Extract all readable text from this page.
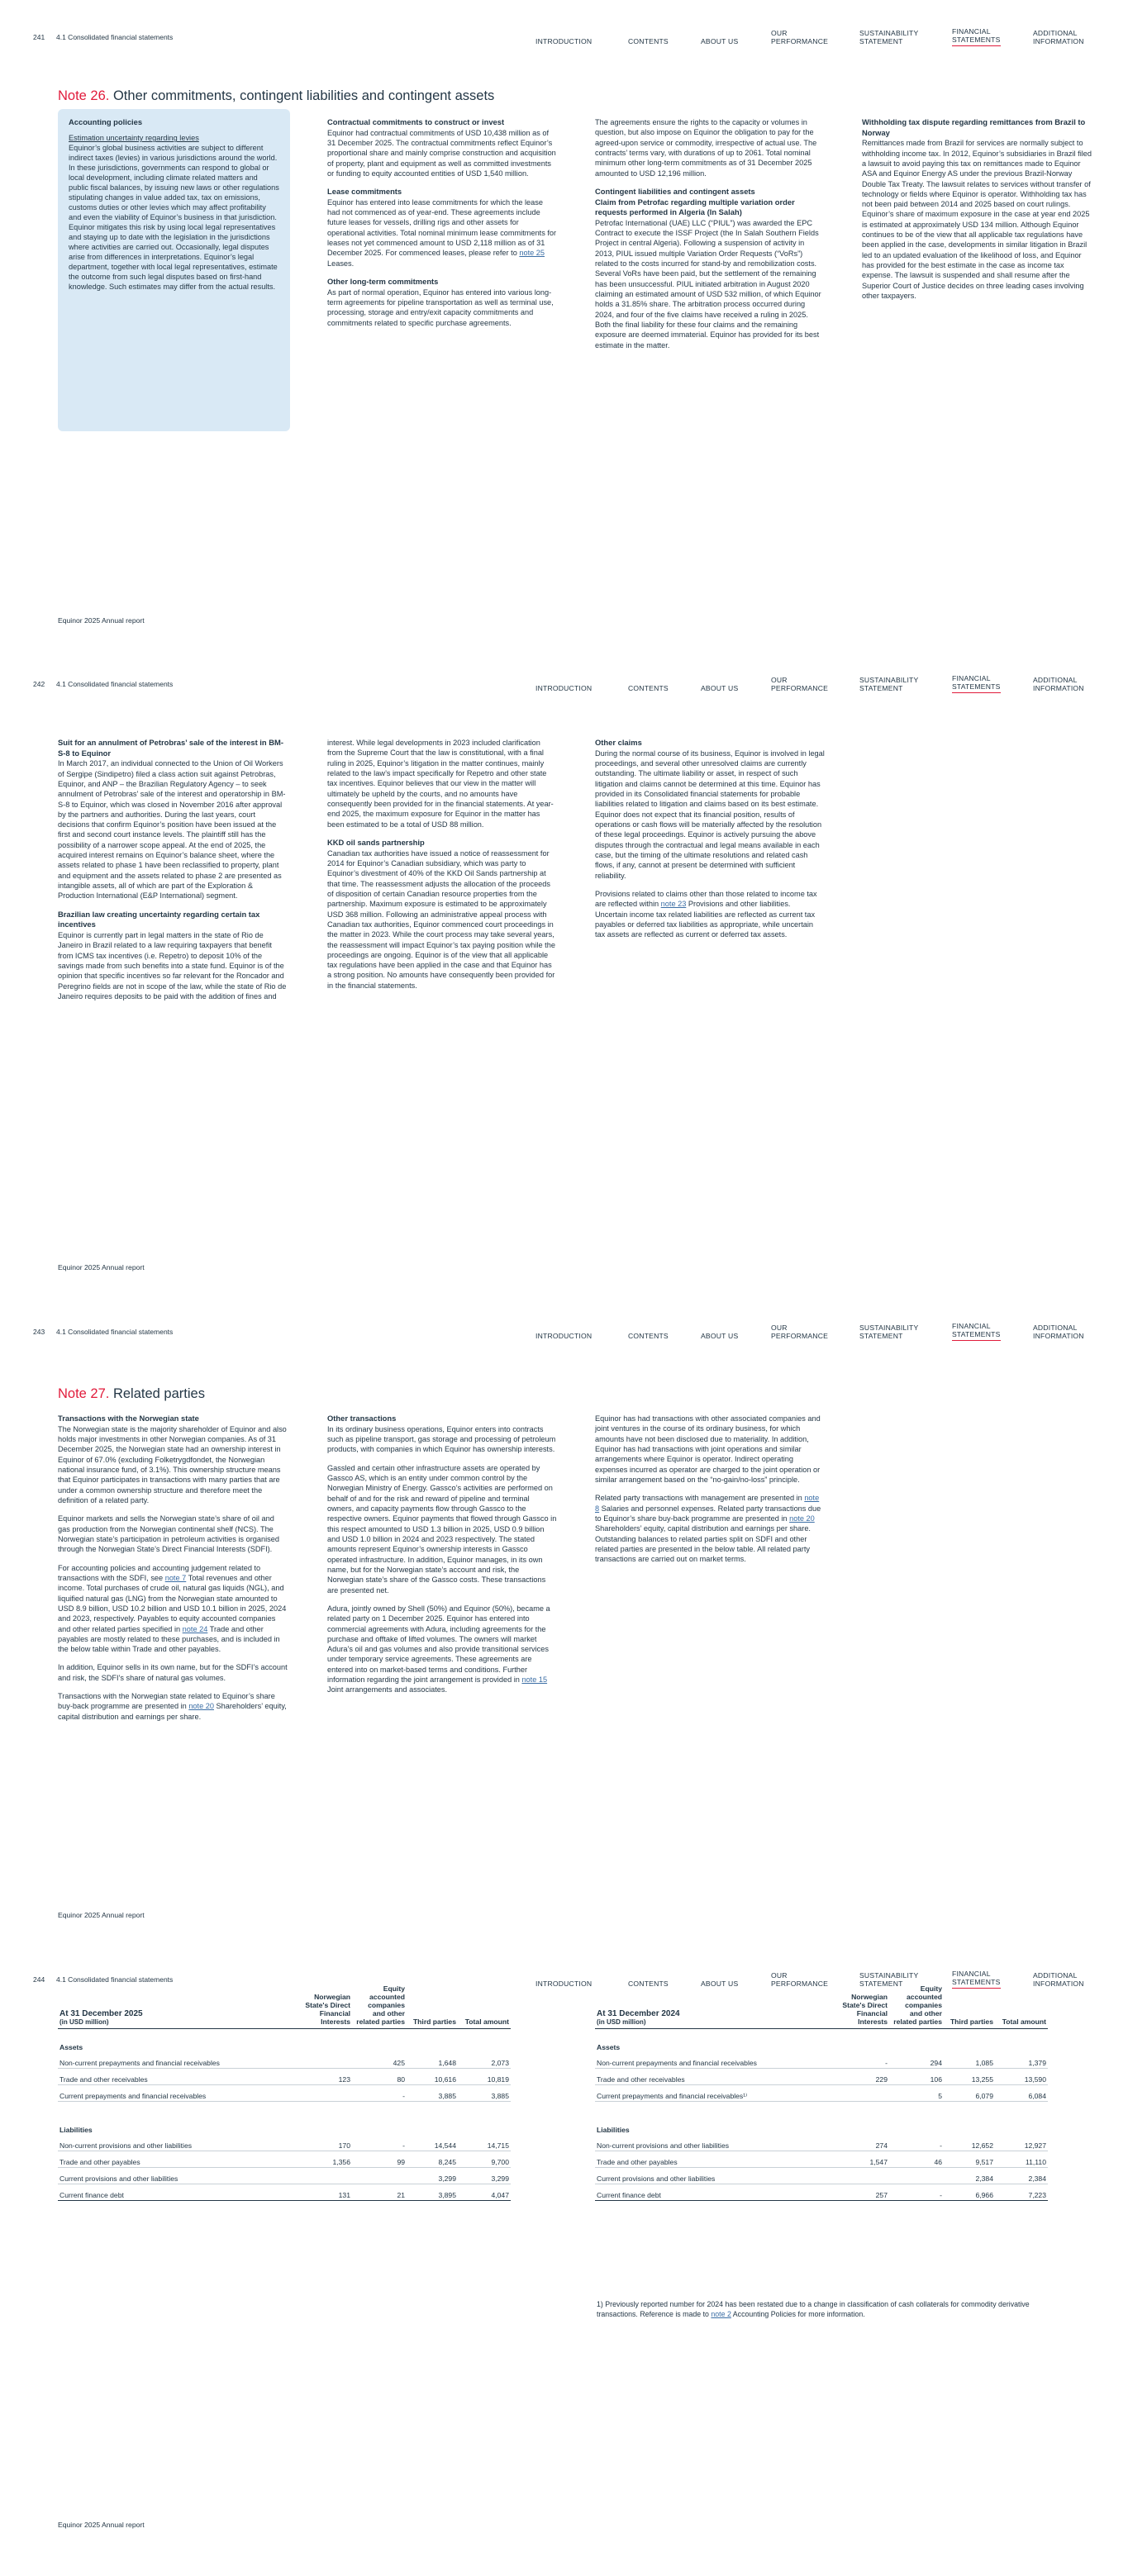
241 4.1 Consolidated financial statements
INTRODUCTION	CONTENTS	ABOUT US
OUR
PERFORMANCE
SUSTAINABILITY
STATEMENT
FINANCIAL
STATEMENTS
ADDITIONAL
INFORMATION
Note 26. Other commitments, contingent liabilities and contingent assets
Accounting policies
Estimation uncertainty regarding levies
Equinor’s global business activities are subject to different indirect taxes (levies) in various jurisdictions around the world. In these jurisdictions, governments can respond to global or local development, including climate related matters and public fiscal balances, by issuing new laws or other regulations stipulating changes in value added tax, tax on emissions, customs duties or other levies which may affect profitability and even the viability of Equinor’s business in that jurisdiction. Equinor mitigates this risk by using local legal representatives and staying up to date with the legislation in the jurisdictions where activities are carried out. Occasionally, legal disputes arise from differences in interpretations. Equinor’s legal department, together with local legal representatives, estimate the outcome from such legal disputes based on first-hand knowledge. Such estimates may differ from the actual results.
Contractual commitments to construct or invest

Equinor had contractual commitments of USD 10,438 million as of 31 December 2025. The contractual commitments reflect Equinor’s proportional share and mainly comprise construction and acquisition of property, plant and equipment as well as committed investments or funding to equity accounted entities of USD 1,540 million.

Lease commitments

Equinor has entered into lease commitments for which the lease had not commenced as of year-end. These agreements include future leases for vessels, drilling rigs and other assets for operational activities. Total nominal minimum lease commitments for leases not yet commenced amount to USD 2,118 million as of 31 December 2025. For commenced leases, please refer to note 25 Leases.

Other long-term commitments

As part of normal operation, Equinor has entered into various long-term agreements for pipeline transportation as well as terminal use, processing, storage and entry/exit capacity commitments and commitments related to specific purchase agreements.

The agreements ensure the rights to the capacity or volumes in question, but also impose on Equinor the obligation to pay for the agreed-upon service or commodity, irrespective of actual use. The contracts’ terms vary, with durations of up to 2061. Total nominal minimum other long-term commitments as of 31 December 2025 amounted to USD 12,196 million.

Contingent liabilities and contingent assets
Claim from Petrofac regarding multiple variation order requests performed in Algeria (In Salah)

Petrofac International (UAE) LLC (“PIUL”) was awarded the EPC Contract to execute the ISSF Project (the In Salah Southern Fields Project in central Algeria). Following a suspension of activity in 2013, PIUL issued multiple Variation Order Requests (“VoRs”) related to the costs incurred for stand-by and remobilization costs. Several VoRs have been paid, but the settlement of the remaining has been unsuccessful. PIUL initiated arbitration in August 2020 claiming an estimated amount of USD 532 million, of which Equinor holds a 31.85% share. The arbitration process occurred during 2024, and four of the five claims have received a ruling in 2025. Both the final liability for these four claims and the remaining exposure are deemed immaterial. Equinor has provided for its best estimate in the matter.

Withholding tax dispute regarding remittances from Brazil to Norway

Remittances made from Brazil for services are normally subject to withholding income tax. In 2012, Equinor’s subsidiaries in Brazil filed a lawsuit to avoid paying this tax on remittances made to Equinor ASA and Equinor Energy AS under the previous Brazil-Norway Double Tax Treaty. The lawsuit relates to services without transfer of technology or fields where Equinor is operator. Withholding tax has not been paid between 2014 and 2025 based on court rulings. Equinor’s share of maximum exposure in the case at year end 2025 is estimated at approximately USD 134 million. Although Equinor continues to be of the view that all applicable tax regulations have been applied in the case, developments in similar litigation in Brazil led to an updated evaluation of the likelihood of loss, and Equinor has provided for the best estimate in the case as income tax expense. The lawsuit is suspended and shall resume after the Superior Court of Justice decides on three leading cases involving other taxpayers.

Equinor 2025 Annual report
242 4.1 Consolidated financial statements
INTRODUCTION	CONTENTS	ABOUT US
OUR
PERFORMANCE
SUSTAINABILITY
STATEMENT
FINANCIAL
STATEMENTS
ADDITIONAL
INFORMATION
Suit for an annulment of Petrobras’ sale of the interest in BM-S-8 to Equinor

In March 2017, an individual connected to the Union of Oil Workers of Sergipe (Sindipetro) filed a class action suit against Petrobras, Equinor, and ANP – the Brazilian Regulatory Agency – to seek annulment of Petrobras’ sale of the interest and operatorship in BM-S-8 to Equinor, which was closed in November 2016 after approval by the partners and authorities. During the last years, court decisions that confirm Equinor’s position have been issued at the first and second court instance levels. The plaintiff still has the possibility of a narrower scope appeal. At the end of 2025, the acquired interest remains on Equinor’s balance sheet, where the assets related to phase 1 have been reclassified to property, plant and equipment and the assets related to phase 2 are presented as intangible assets, all of which are part of the Exploration & Production International (E&P International) segment.

Brazilian law creating uncertainty regarding certain tax incentives

Equinor is currently part in legal matters in the state of Rio de Janeiro in Brazil related to a law requiring taxpayers that benefit from ICMS tax incentives (i.e. Repetro) to deposit 10% of the savings made from such benefits into a state fund. Equinor is of the opinion that specific incentives so far relevant for the Roncador and Peregrino fields are not in scope of the law, while the state of Rio de Janeiro requires deposits to be paid with the addition of fines and

interest. While legal developments in 2023 included clarification from the Supreme Court that the law is constitutional, with a final ruling in 2025, Equinor’s litigation in the matter continues, mainly related to the law’s impact specifically for Repetro and other state tax incentives. Equinor believes that our view in the matter will ultimately be upheld by the courts, and no amounts have consequently been provided for in the financial statements. At year-end 2025, the maximum exposure for Equinor in the matter has been estimated to be a total of USD 88 million.

KKD oil sands partnership

Canadian tax authorities have issued a notice of reassessment for 2014 for Equinor’s Canadian subsidiary, which was party to Equinor’s divestment of 40% of the KKD Oil Sands partnership at that time. The reassessment adjusts the allocation of the proceeds of disposition of certain Canadian resource properties from the partnership. Maximum exposure is estimated to be approximately USD 368 million. Following an administrative appeal process with Canadian tax authorities, Equinor commenced court proceedings in the matter in 2023. While the court process may take several years, the reassessment will impact Equinor’s tax paying position while the proceedings are ongoing. Equinor is of the view that all applicable tax regulations have been applied in the case and that Equinor has a strong position. No amounts have consequently been provided for in the financial statements.

Other claims

During the normal course of its business, Equinor is involved in legal proceedings, and several other unresolved claims are currently outstanding. The ultimate liability or asset, in respect of such litigation and claims cannot be determined at this time. Equinor has provided in its Consolidated financial statements for probable liabilities related to litigation and claims based on its best estimate. Equinor does not expect that its financial position, results of operations or cash flows will be materially affected by the resolution of these legal proceedings. Equinor is actively pursuing the above disputes through the contractual and legal means available in each case, but the timing of the ultimate resolutions and related cash flows, if any, cannot at present be determined with sufficient reliability.

Provisions related to claims other than those related to income tax are reflected within note 23 Provisions and other liabilities. Uncertain income tax related liabilities are reflected as current tax payables or deferred tax liabilities as appropriate, while uncertain tax assets are reflected as current or deferred tax assets.

Equinor 2025 Annual report
243 4.1 Consolidated financial statements
INTRODUCTION	CONTENTS	ABOUT US
OUR
PERFORMANCE
SUSTAINABILITY
STATEMENT
FINANCIAL
STATEMENTS
ADDITIONAL
INFORMATION
Note 27. Related parties
Transactions with the Norwegian state

The Norwegian state is the majority shareholder of Equinor and also holds major investments in other Norwegian companies. As of 31 December 2025, the Norwegian state had an ownership interest in Equinor of 67.0% (excluding Folketrygdfondet, the Norwegian national insurance fund, of 3.1%). This ownership structure means that Equinor participates in transactions with many parties that are under a common ownership structure and therefore meet the definition of a related party.

Equinor markets and sells the Norwegian state’s share of oil and gas production from the Norwegian continental shelf (NCS). The Norwegian state’s participation in petroleum activities is organised through the Norwegian State’s Direct Financial Interests (SDFI).

For accounting policies and accounting judgement related to transactions with the SDFI, see note 7 Total revenues and other income. Total purchases of crude oil, natural gas liquids (NGL), and liquified natural gas (LNG) from the Norwegian state amounted to USD 8.9 billion, USD 10.2 billion and USD 10.1 billion in 2025, 2024 and 2023, respectively. Payables to equity accounted companies and other related parties specified in note 24 Trade and other payables are mostly related to these purchases, and is included in the below table within Trade and other payables.

In addition, Equinor sells in its own name, but for the SDFI’s account and risk, the SDFI’s share of natural gas volumes.

Transactions with the Norwegian state related to Equinor’s share buy-back programme are presented in note 20 Shareholders’ equity, capital distribution and earnings per share.

Other transactions

In its ordinary business operations, Equinor enters into contracts such as pipeline transport, gas storage and processing of petroleum products, with companies in which Equinor has ownership interests.

Gassled and certain other infrastructure assets are operated by Gassco AS, which is an entity under common control by the Norwegian Ministry of Energy. Gassco’s activities are performed on behalf of and for the risk and reward of pipeline and terminal owners, and capacity payments flow through Gassco to the respective owners. Equinor payments that flowed through Gassco in this respect amounted to USD 1.3 billion in 2025, USD 0.9 billion and USD 1.0 billion in 2024 and 2023 respectively. The stated amounts represent Equinor’s ownership interests in Gassco operated infrastructure. In addition, Equinor manages, in its own name, but for the Norwegian state’s account and risk, the Norwegian state’s share of the Gassco costs. These transactions are presented net.

Adura, jointly owned by Shell (50%) and Equinor (50%), became a related party on 1 December 2025. Equinor has entered into commercial agreements with Adura, including agreements for the purchase and offtake of lifted volumes. The owners will market Adura’s oil and gas volumes and also provide transitional services under temporary service agreements. These agreements are entered into on market-based terms and conditions. Further information regarding the joint arrangement is provided in note 15 Joint arrangements and associates.

Equinor has had transactions with other associated companies and joint ventures in the course of its ordinary business, for which amounts have not been disclosed due to materiality. In addition, Equinor has had transactions with joint operations and similar arrangements where Equinor is operator. Indirect operating expenses incurred as operator are charged to the joint operation or similar arrangement based on the “no-gain/no-loss” principle.

Related party transactions with management are presented in note 8 Salaries and personnel expenses. Related party transactions due to Equinor’s share buy-back programme are presented in note 20 Shareholders’ equity, capital distribution and earnings per share. Outstanding balances to related parties split on SDFI and other related parties are presented in the below table. All related party transactions are carried out on market terms.

Equinor 2025 Annual report
244 4.1 Consolidated financial statements
INTRODUCTION	CONTENTS	ABOUT US
OUR
PERFORMANCE
SUSTAINABILITY
STATEMENT
FINANCIAL
STATEMENTS
ADDITIONAL
INFORMATION
At 31 December 2025
(in USD million)	Norwegian State's Direct Financial Interests	Equity accounted companies and other related parties	Third parties	Total amount
Assets				
Non-current prepayments and financial receivables		425	1,648	2,073
Trade and other receivables	123	80	10,616	10,819
Current prepayments and financial receivables		-	3,885	3,885

Liabilities				
Non-current provisions and other liabilities	170	-	14,544	14,715
Trade and other payables	1,356	99	8,245	9,700
Current provisions and other liabilities			3,299	3,299
Current finance debt	131	21	3,895	4,047
At 31 December 2024
(in USD million)	Norwegian State's Direct Financial Interests	Equity accounted companies and other related parties	Third parties	Total amount
Assets				
Non-current prepayments and financial receivables	-	294	1,085	1,379
Trade and other receivables	229	106	13,255	13,590
Current prepayments and financial receivables¹⁾		5	6,079	6,084

Liabilities				
Non-current provisions and other liabilities	274	-	12,652	12,927
Trade and other payables	1,547	46	9,517	11,110
Current provisions and other liabilities			2,384	2,384
Current finance debt	257	-	6,966	7,223
1) Previously reported number for 2024 has been restated due to a change in classification of cash collaterals for commodity derivative transactions. Reference is made to note 2 Accounting Policies for more information.
Equinor 2025 Annual report
